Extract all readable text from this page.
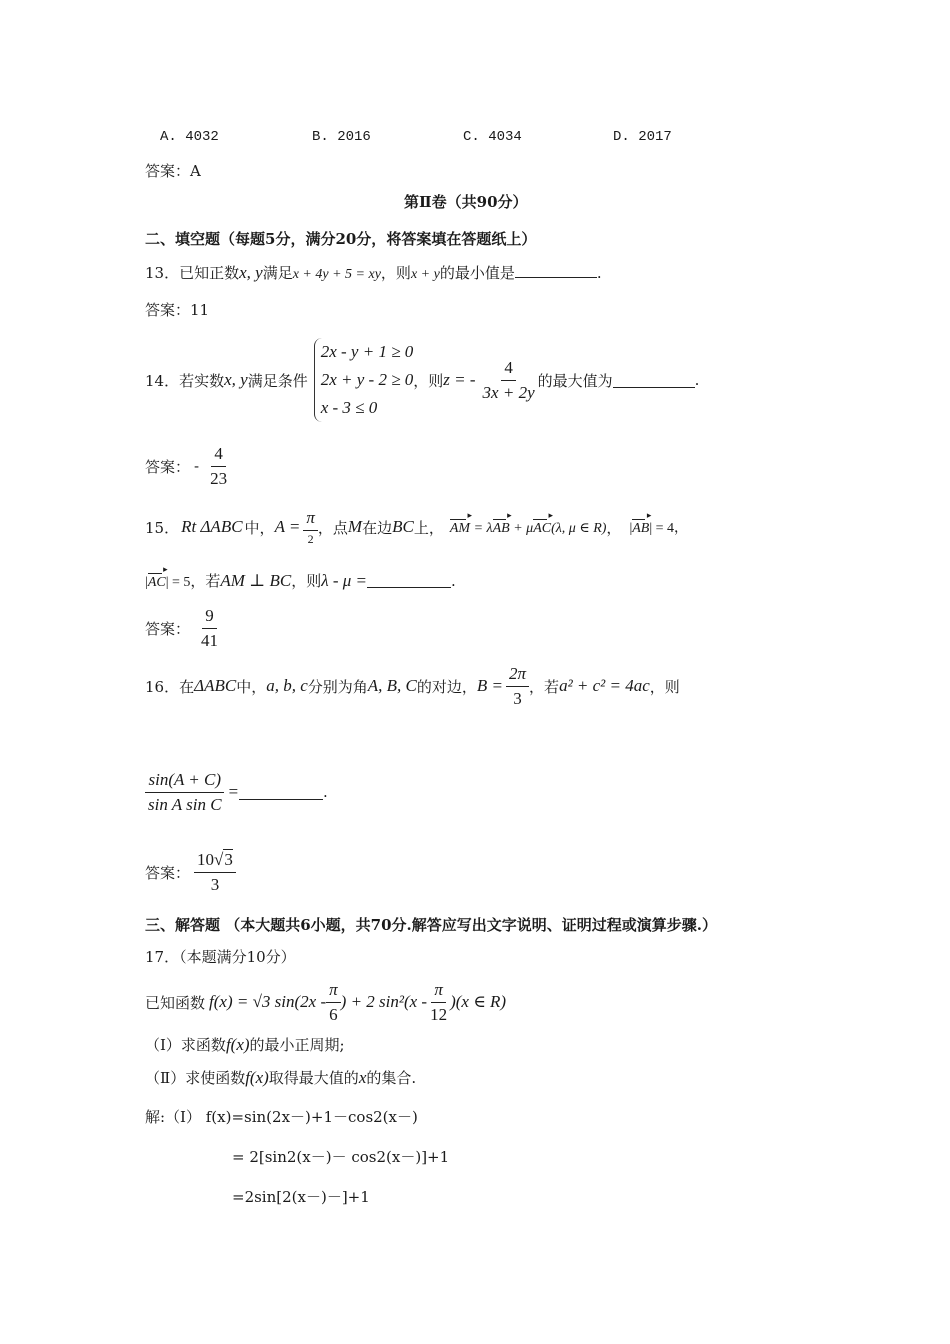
A. 4032	B. 2016	C. 4034	D. 2017
答案：A
第Ⅱ卷（共90分）
二、填空题（每题5分，满分20分，将答案填在答题纸上）
13．已知正数x, y满足x + 4y + 5 = xy，则x + y的最小值是	.
答案：11
14． 若实数 x, y 满足条件
2x - y + 1 ≥ 0
2x + y - 2 ≥ 0
x - 3 ≤ 0
，则 z = - $\frac{4}{3x + 2y}$ 的最大值为	.
答案： - $\frac{4}{23}$
15． Rt ΔABC 中， $A = \frac{\pi}{2}$ ，点 M 在边 BC 上， AM ▸ = λAB ▸ + μAC ▸(λ, μ ∈ R) ， |AB ▸| = 4，
|AC ▸| = 5 ，若 AM ⊥ BC ，则 λ - μ =	.
答案： $\frac{9}{41}$
16． 在 ΔABC 中， a, b, c 分别为角 A, B, C 的对边， $B = \frac{2\pi}{3}$ ，若 a² + c² = 4ac ，则
$\frac{\sin(A + C)}{\text{sin A sin C}}$ =	.
答案： $\frac{10√3}{3}$
三、解答题 （本大题共6小题，共70分.解答应写出文字说明、证明过程或演算步骤.）
17．（本题满分10分）
已知函数 f(x) = √3 $\sin(2x - \frac{\pi}{6}$ ) + 2 $\sin^2(x - \frac{\pi}{12} )(x$ ∈ R)
（I）求函数f(x)的最小正周期;
（Ⅱ）求使函数f(x)取得最大值的x的集合.
解:（I） f(x)=sin(2x－)+1－cos2(x－)
= 2[sin2(x－)－ cos2(x－)]+1
=2sin[2(x－)－]+1
